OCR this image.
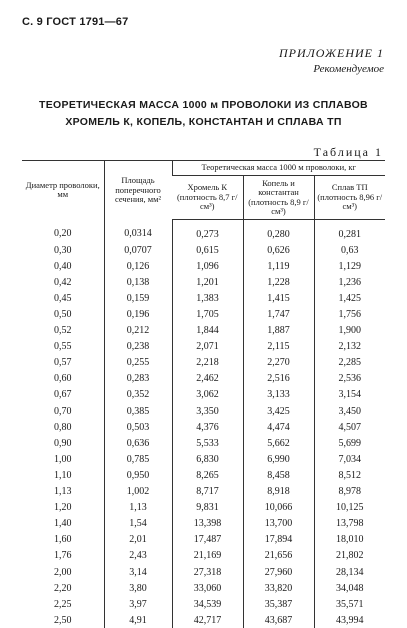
С. 9 ГОСТ 1791—67
ПРИЛОЖЕНИЕ 1
Рекомендуемое
ТЕОРЕТИЧЕСКАЯ МАССА 1000 м ПРОВОЛОКИ ИЗ СПЛАВОВ
ХРОМЕЛЬ К, КОПЕЛЬ, КОНСТАНТАН И СПЛАВА ТП
Таблица 1
Диаметр проволоки, мм	Площадь поперечного сечения, мм²	Теоретическая масса 1000 м проволоки, кг		
		Хромель К (плотность 8,7 г/см³)	Копель и константан (плотность 8,9 г/см³)	Сплав ТП (плотность 8,96 г/см³)
0,20	0,0314	0,273	0,280	0,281
0,30	0,0707	0,615	0,626	0,63
0,40	0,126	1,096	1,119	1,129
0,42	0,138	1,201	1,228	1,236
0,45	0,159	1,383	1,415	1,425
0,50	0,196	1,705	1,747	1,756
0,52	0,212	1,844	1,887	1,900
0,55	0,238	2,071	2,115	2,132
0,57	0,255	2,218	2,270	2,285
0,60	0,283	2,462	2,516	2,536
0,67	0,352	3,062	3,133	3,154
0,70	0,385	3,350	3,425	3,450
0,80	0,503	4,376	4,474	4,507
0,90	0,636	5,533	5,662	5,699
1,00	0,785	6,830	6,990	7,034
1,10	0,950	8,265	8,458	8,512
1,13	1,002	8,717	8,918	8,978
1,20	1,13	9,831	10,066	10,125
1,40	1,54	13,398	13,700	13,798
1,60	2,01	17,487	17,894	18,010
1,76	2,43	21,169	21,656	21,802
2,00	3,14	27,318	27,960	28,134
2,20	3,80	33,060	33,820	34,048
2,25	3,97	34,539	35,387	35,571
2,50	4,91	42,717	43,687	43,994
